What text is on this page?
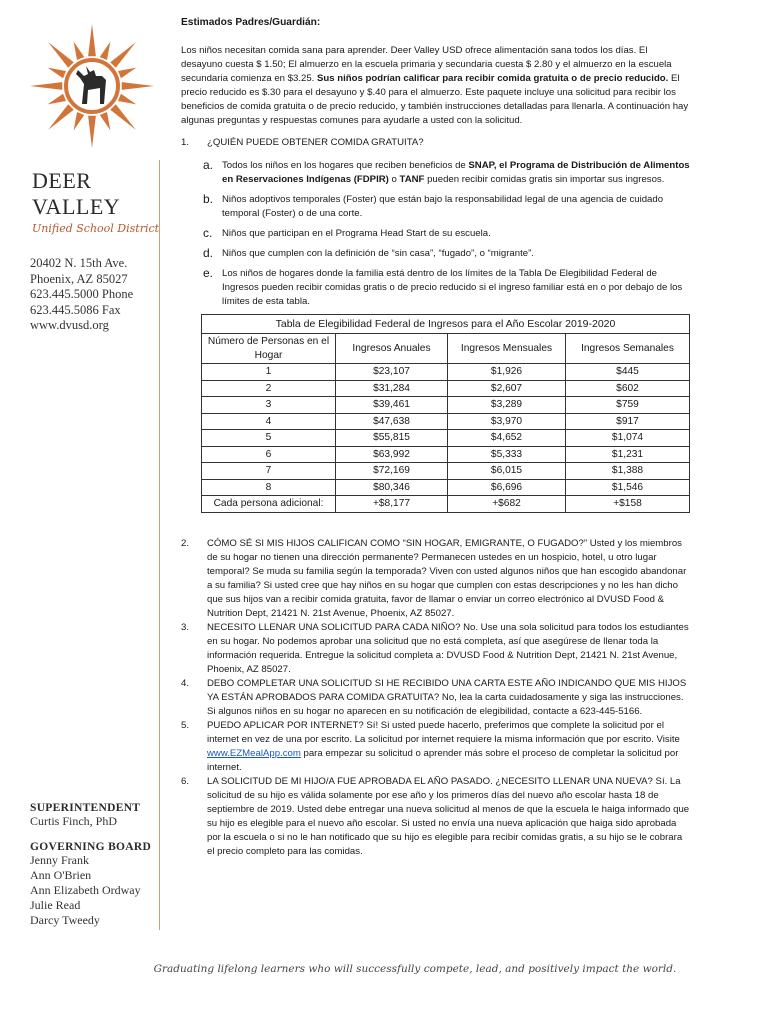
DEER VALLEY
Unified School District
20402 N. 15th Ave.
Phoenix, AZ 85027
623.445.5000 Phone
623.445.5086 Fax
www.dvusd.org
SUPERINTENDENT
Curtis Finch, PhD
GOVERNING BOARD
Jenny Frank
Ann O'Brien
Ann Elizabeth Ordway
Julie Read
Darcy Tweedy
Estimados Padres/Guardián:

Los niños necesitan comida sana para aprender. Deer Valley USD ofrece alimentación sana todos los días. El desayuno cuesta $ 1.50; El almuerzo en la escuela primaria y secundaria cuesta $ 2.80 y el almuerzo en la escuela secundaria comienza en $3.25. Sus niños podrían calificar para recibir comida gratuita o de precio reducido. El precio reducido es $.30 para el desayuno y $.40 para el almuerzo. Este paquete incluye una solicitud para recibir los beneficios de comida gratuita o de precio reducido, y también instrucciones detalladas para llenarla. A continuación hay algunas preguntas y respuestas comunes para ayudarle a usted con la solicitud.

1.	¿QUIÉN PUEDE OBTENER COMIDA GRATUITA?
a. Todos los niños en los hogares que reciben beneficios de SNAP, el Programa de Distribución de Alimentos en Reservaciones Indígenas (FDPIR) o TANF pueden recibir comidas gratis sin importar sus ingresos.
b. Niños adoptivos temporales (Foster) que están bajo la responsabilidad legal de una agencia de cuidado temporal (Foster) o de una corte.
c.	Niños que participan en el Programa Head Start de su escuela.
d. Niños que cumplen con la definición de “sin casa”, “fugado”, o “migrante”.
e. Los niños de hogares donde la familia está dentro de los límites de la Tabla De Elegibilidad Federal de Ingresos pueden recibir comidas gratis o de precio reducido si el ingreso familiar está en o por debajo de los límites de esta tabla.
Tabla de Elegibilidad Federal de Ingresos para el Año Escolar 2019-2020
Número de Personas en el Hogar	Ingresos Anuales	Ingresos Mensuales	Ingresos Semanales
1	$23,107	$1,926	$445
2	$31,284	$2,607	$602
3	$39,461	$3,289	$759
4	$47,638	$3,970	$917
5	$55,815	$4,652	$1,074
6	$63,992	$5,333	$1,231
7	$72,169	$6,015	$1,388
8	$80,346	$6,696	$1,546
Cada persona adicional:	+$8,177	+$682	+$158
2.	CÓMO SÉ SI MIS HIJOS CALIFICAN COMO “SIN HOGAR, EMIGRANTE, O FUGADO?” Usted y los miembros de su hogar no tienen una dirección permanente? Permanecen ustedes en un hospicio, hotel, u otro lugar temporal? Se muda su familia según la temporada? Viven con usted algunos niños que han escogido abandonar a su familia? Si usted cree que hay niños en su hogar que cumplen con estas descripciones y no les han dicho que sus hijos van a recibir comida gratuita, favor de llamar o enviar un correo electrónico al DVUSD Food & Nutrition Dept, 21421 N. 21st Avenue, Phoenix, AZ 85027.
3.	NECESITO LLENAR UNA SOLICITUD PARA CADA NIÑO? No. Use una sola solicitud para todos los estudiantes en su hogar. No podemos aprobar una solicitud que no está completa, así que asegúrese de llenar toda la información requerida. Entregue la solicitud completa a: DVUSD Food & Nutrition Dept, 21421 N. 21st Avenue, Phoenix, AZ 85027.
4.	DEBO COMPLETAR UNA SOLICITUD SI HE RECIBIDO UNA CARTA ESTE AÑO INDICANDO QUE MIS HIJOS YA ESTÁN APROBADOS PARA COMIDA GRATUITA? No, lea la carta cuidadosamente y siga las instrucciones. Si algunos niños en su hogar no aparecen en su notificación de elegibilidad, contacte a 623-445-5166.
5.	PUEDO APLICAR POR INTERNET? Sí! Si usted puede hacerlo, preferimos que complete la solicitud por el internet en vez de una por escrito. La solicitud por internet requiere la misma información que por escrito. Visite www.EZMealApp.com para empezar su solicitud o aprender más sobre el proceso de completar la solicitud por internet.
6.	LA SOLICITUD DE MI HIJO/A FUE APROBADA EL AÑO PASADO. ¿NECESITO LLENAR UNA NUEVA? Sí. La solicitud de su hijo es válida solamente por ese año y los primeros días del nuevo año escolar hasta 18 de septiembre de 2019. Usted debe entregar una nueva solicitud al menos de que la escuela le haiga informado que su hijo es elegible para el nuevo año escolar. Si usted no envía una nueva aplicación que haiga sido aprobada por la escuela o si no le han notificado que su hijo es elegible para recibir comidas gratis, a su hijo se le cobrara el precio completo para las comidas.
Graduating lifelong learners who will successfully compete, lead, and positively impact the world.
